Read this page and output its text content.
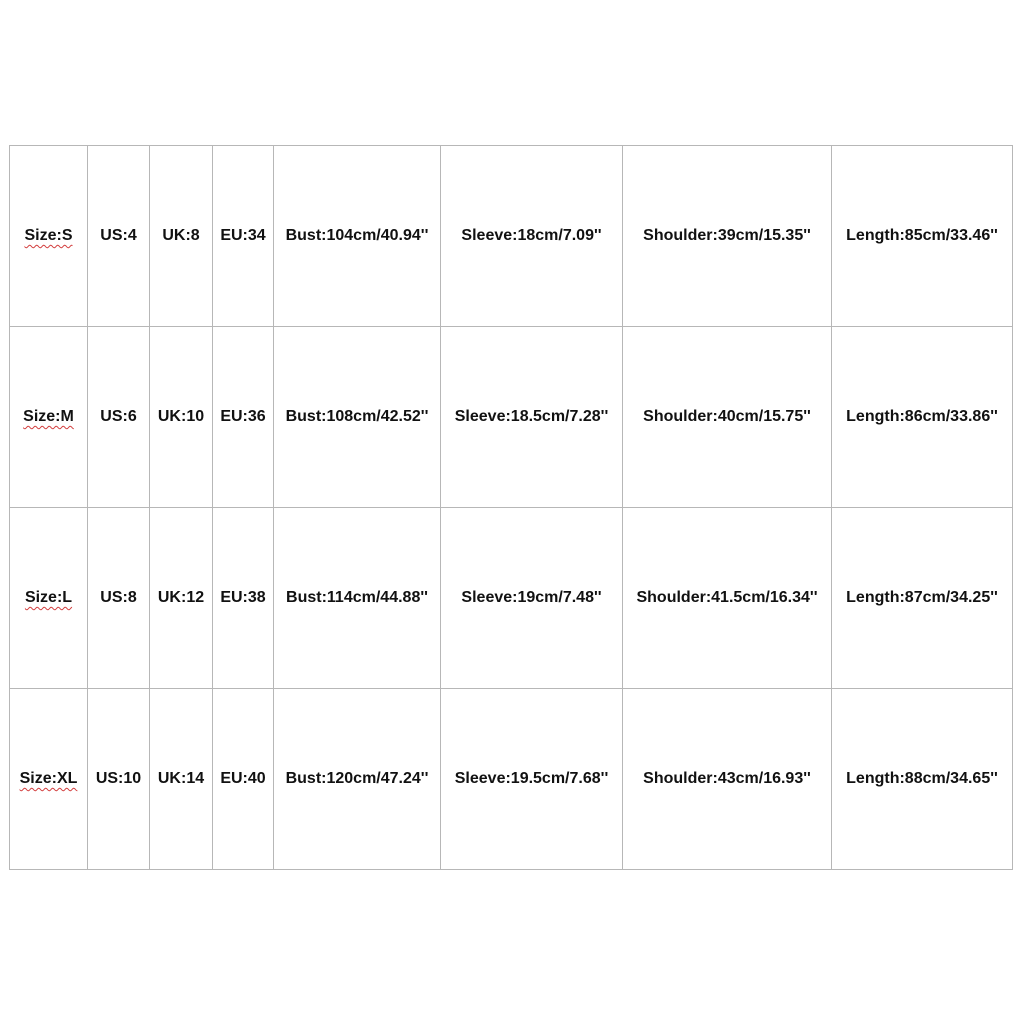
Size:S	US:4	UK:8	EU:34	Bust:104cm/40.94''	Sleeve:18cm/7.09''	Shoulder:39cm/15.35''	Length:85cm/33.46''
Size:M	US:6	UK:10	EU:36	Bust:108cm/42.52''	Sleeve:18.5cm/7.28''	Shoulder:40cm/15.75''	Length:86cm/33.86''
Size:L	US:8	UK:12	EU:38	Bust:114cm/44.88''	Sleeve:19cm/7.48''	Shoulder:41.5cm/16.34''	Length:87cm/34.25''
Size:XL	US:10	UK:14	EU:40	Bust:120cm/47.24''	Sleeve:19.5cm/7.68''	Shoulder:43cm/16.93''	Length:88cm/34.65''
